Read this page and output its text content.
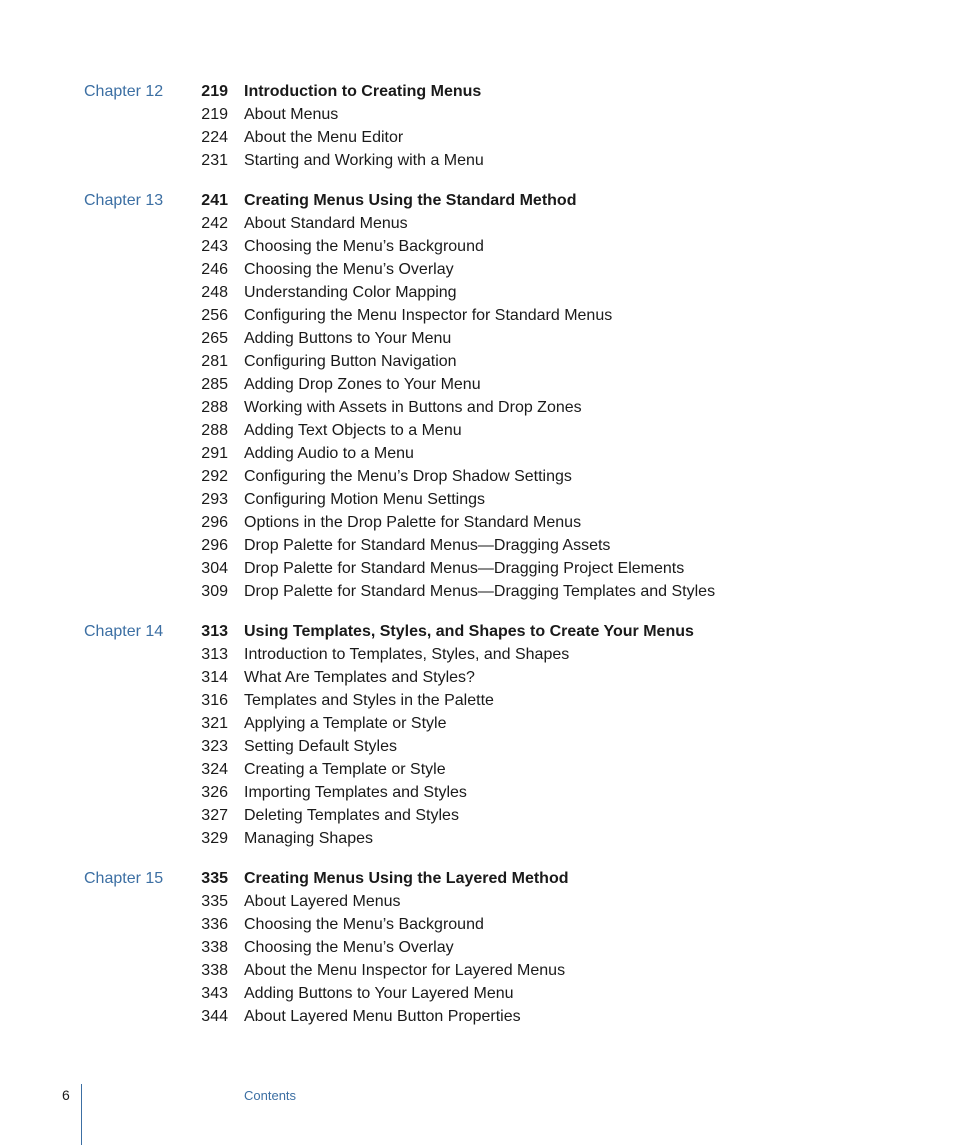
Chapter 12	219 Introduction to Creating Menus
219 About Menus
224 About the Menu Editor
231 Starting and Working with a Menu
Chapter 13	241 Creating Menus Using the Standard Method
242 About Standard Menus
243 Choosing the Menu’s Background
246 Choosing the Menu’s Overlay
248 Understanding Color Mapping
256 Configuring the Menu Inspector for Standard Menus
265 Adding Buttons to Your Menu
281 Configuring Button Navigation
285 Adding Drop Zones to Your Menu
288 Working with Assets in Buttons and Drop Zones
288 Adding Text Objects to a Menu
291 Adding Audio to a Menu
292 Configuring the Menu’s Drop Shadow Settings
293 Configuring Motion Menu Settings
296 Options in the Drop Palette for Standard Menus
296 Drop Palette for Standard Menus—Dragging Assets
304 Drop Palette for Standard Menus—Dragging Project Elements
309 Drop Palette for Standard Menus—Dragging Templates and Styles
Chapter 14	313 Using Templates, Styles, and Shapes to Create Your Menus
313 Introduction to Templates, Styles, and Shapes
314 What Are Templates and Styles?
316 Templates and Styles in the Palette
321 Applying a Template or Style
323 Setting Default Styles
324 Creating a Template or Style
326 Importing Templates and Styles
327 Deleting Templates and Styles
329 Managing Shapes
Chapter 15	335 Creating Menus Using the Layered Method
335 About Layered Menus
336 Choosing the Menu’s Background
338 Choosing the Menu’s Overlay
338 About the Menu Inspector for Layered Menus
343 Adding Buttons to Your Layered Menu
344 About Layered Menu Button Properties
6	Contents
